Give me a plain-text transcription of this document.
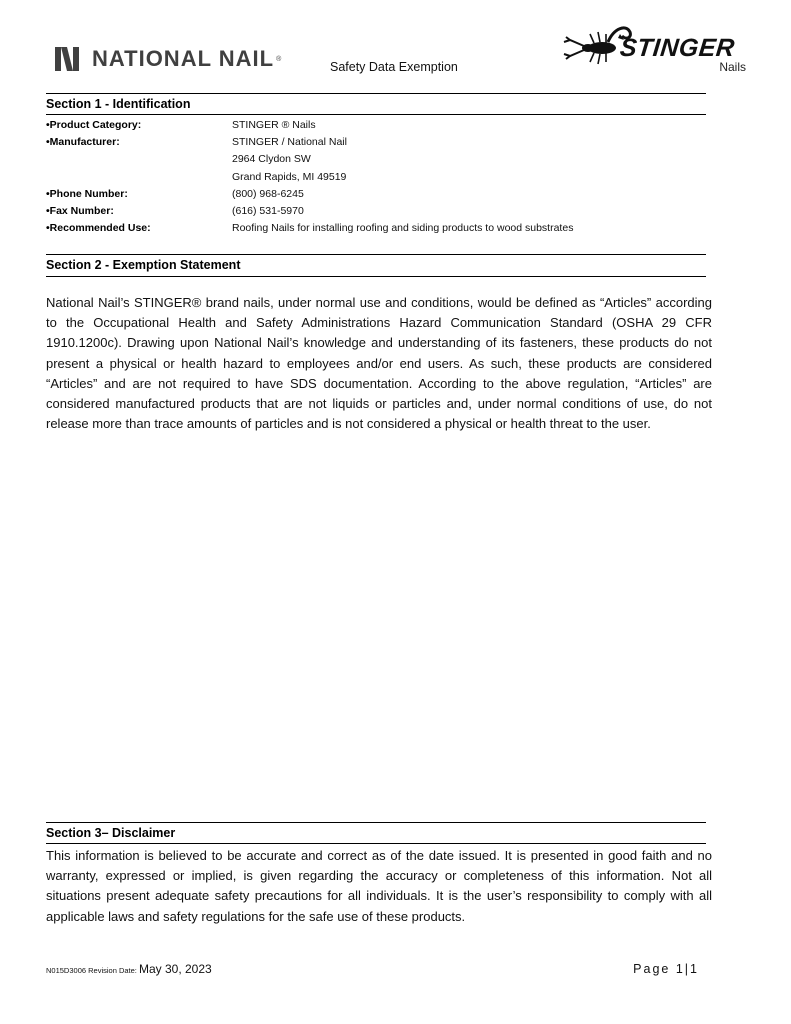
NATIONAL NAIL ®
Safety Data Exemption
STINGER
Nails
Section 1 - Identification
•Product Category:	STINGER ® Nails
•Manufacturer:	STINGER / National Nail
2964 Clydon SW
Grand Rapids, MI 49519
•Phone Number:	(800) 968-6245
•Fax Number:	(616) 531-5970
•Recommended Use:	Roofing Nails for installing roofing and siding products to wood substrates
Section 2 - Exemption Statement
National Nail’s STINGER® brand nails, under normal use and conditions, would be defined as “Articles” according to the Occupational Health and Safety Administrations Hazard Communication Standard (OSHA 29 CFR 1910.1200c). Drawing upon National Nail’s knowledge and understanding of its fasteners, these products do not present a physical or health hazard to employees and/or end users. As such, these products are considered “Articles” and are not required to have SDS documentation. According to the above regulation, “Articles” are considered manufactured products that are not liquids or particles and, under normal conditions of use, do not release more than trace amounts of particles and is not considered a physical or health threat to the user.
Section 3– Disclaimer
This information is believed to be accurate and correct as of the date issued. It is presented in good faith and no warranty, expressed or implied, is given regarding the accuracy or completeness of this information. Not all situations present adequate safety precautions for all individuals. It is the user’s responsibility to comply with all applicable laws and safety regulations for the safe use of these products.
N015D3006 Revision Date: May 30, 2023	Page 1|1
